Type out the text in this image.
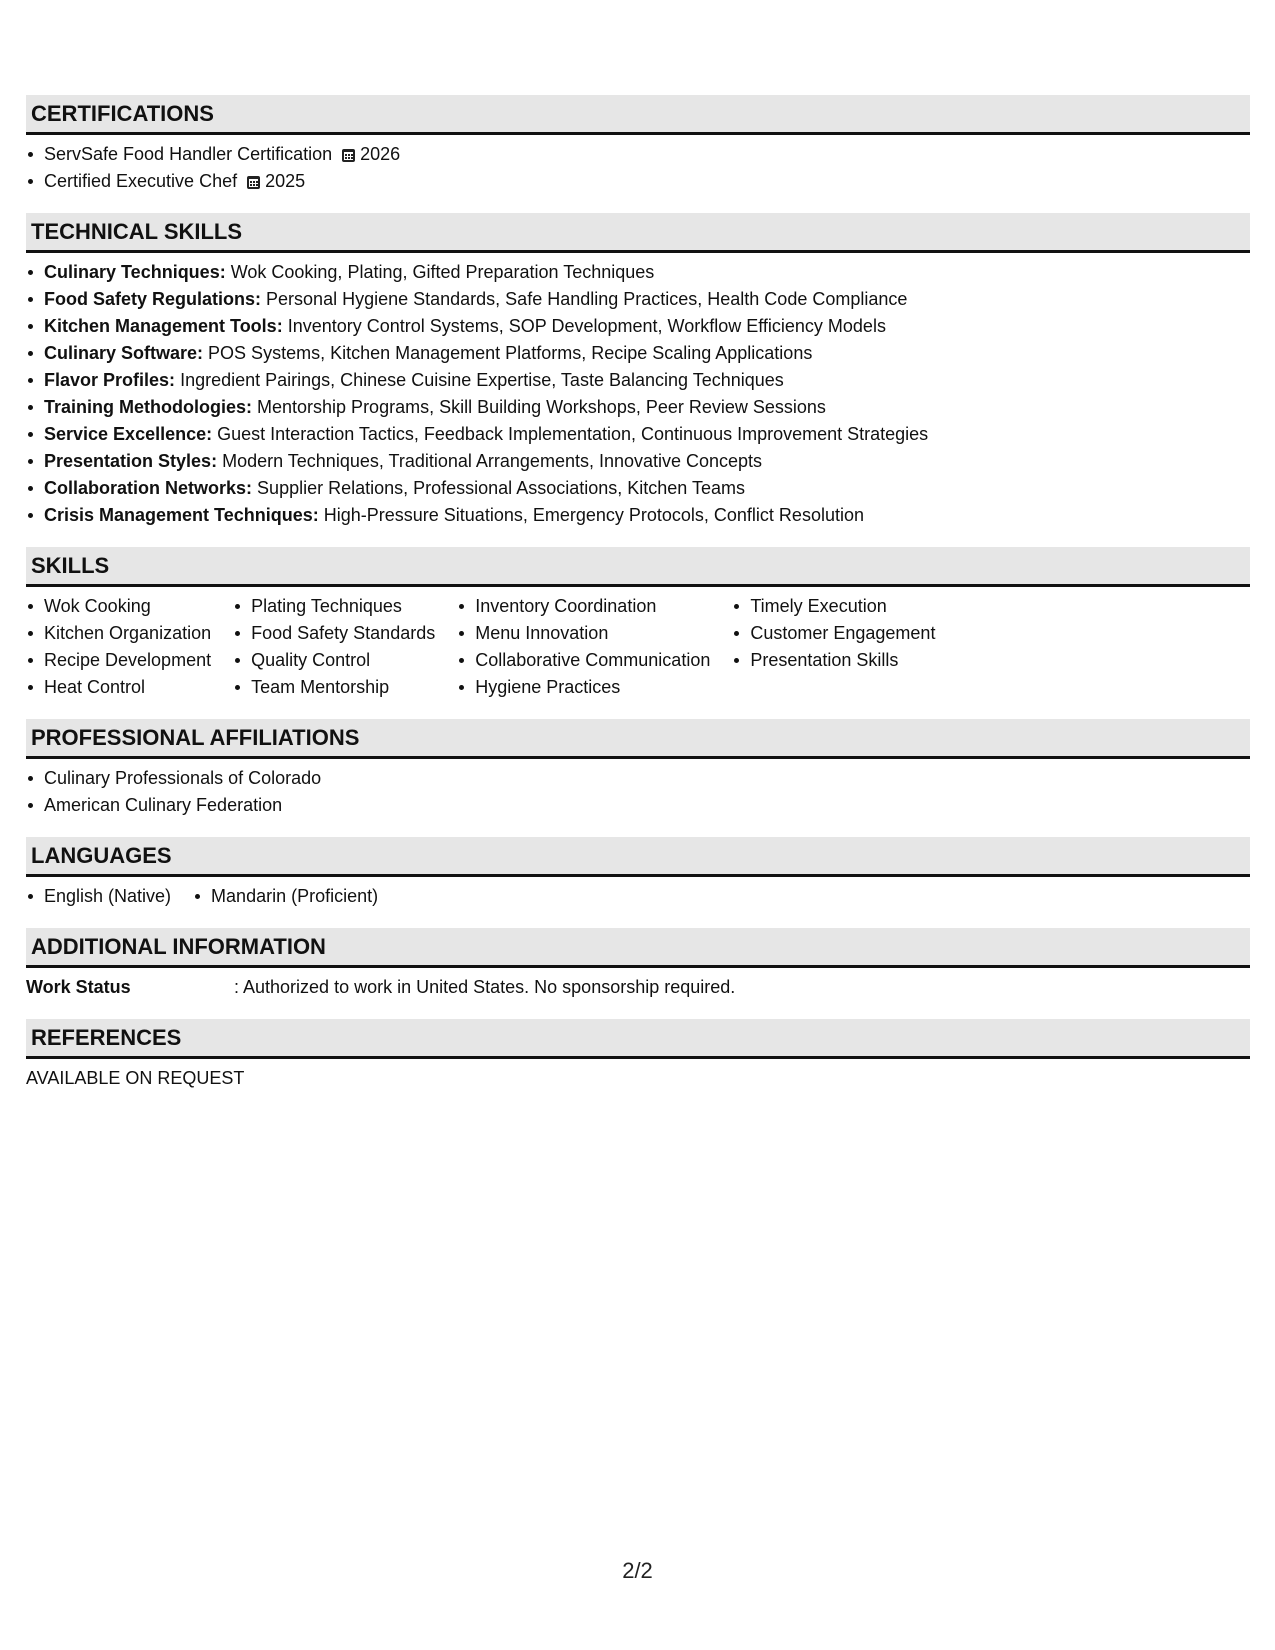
CERTIFICATIONS
ServSafe Food Handler Certification 2026
Certified Executive Chef 2025
TECHNICAL SKILLS
Culinary Techniques: Wok Cooking, Plating, Gifted Preparation Techniques
Food Safety Regulations: Personal Hygiene Standards, Safe Handling Practices, Health Code Compliance
Kitchen Management Tools: Inventory Control Systems, SOP Development, Workflow Efficiency Models
Culinary Software: POS Systems, Kitchen Management Platforms, Recipe Scaling Applications
Flavor Profiles: Ingredient Pairings, Chinese Cuisine Expertise, Taste Balancing Techniques
Training Methodologies: Mentorship Programs, Skill Building Workshops, Peer Review Sessions
Service Excellence: Guest Interaction Tactics, Feedback Implementation, Continuous Improvement Strategies
Presentation Styles: Modern Techniques, Traditional Arrangements, Innovative Concepts
Collaboration Networks: Supplier Relations, Professional Associations, Kitchen Teams
Crisis Management Techniques: High-Pressure Situations, Emergency Protocols, Conflict Resolution
SKILLS
Wok Cooking
Kitchen Organization
Recipe Development
Heat Control
Plating Techniques
Food Safety Standards
Quality Control
Team Mentorship
Inventory Coordination
Menu Innovation
Collaborative Communication
Hygiene Practices
Timely Execution
Customer Engagement
Presentation Skills
PROFESSIONAL AFFILIATIONS
Culinary Professionals of Colorado
American Culinary Federation
LANGUAGES
English (Native)	Mandarin (Proficient)
ADDITIONAL INFORMATION
Work Status	: Authorized to work in United States. No sponsorship required.
REFERENCES
AVAILABLE ON REQUEST
2/2
